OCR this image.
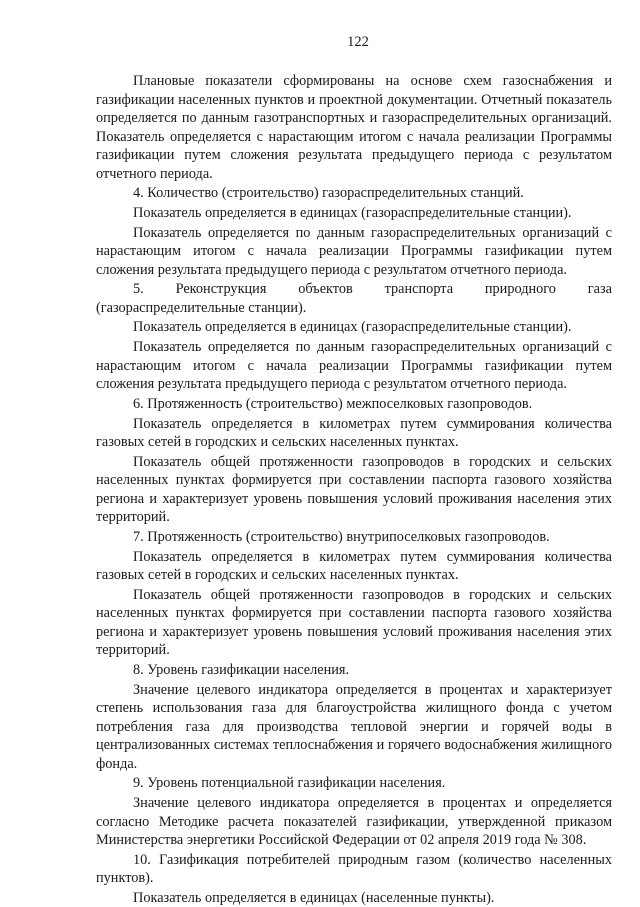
122

Плановые показатели сформированы на основе схем газоснабжения и газификации населенных пунктов и проектной документации. Отчетный показатель определяется по данным газотранспортных и газораспределительных организаций. Показатель определяется с нарастающим итогом с начала реализации Программы газификации путем сложения результата предыдущего периода с результатом отчетного периода.

4. Количество (строительство) газораспределительных станций.

Показатель определяется в единицах (газораспределительные станции).

Показатель определяется по данным газораспределительных организаций с нарастающим итогом с начала реализации Программы газификации путем сложения результата предыдущего периода с результатом отчетного периода.

5. Реконструкция объектов транспорта природного газа (газораспределительные станции).

Показатель определяется в единицах (газораспределительные станции).

Показатель определяется по данным газораспределительных организаций с нарастающим итогом с начала реализации Программы газификации путем сложения результата предыдущего периода с результатом отчетного периода.

6. Протяженность (строительство) межпоселковых газопроводов.

Показатель определяется в километрах путем суммирования количества газовых сетей в городских и сельских населенных пунктах.

Показатель общей протяженности газопроводов в городских и сельских населенных пунктах формируется при составлении паспорта газового хозяйства региона и характеризует уровень повышения условий проживания населения этих территорий.

7. Протяженность (строительство) внутрипоселковых газопроводов.

Показатель определяется в километрах путем суммирования количества газовых сетей в городских и сельских населенных пунктах.

Показатель общей протяженности газопроводов в городских и сельских населенных пунктах формируется при составлении паспорта газового хозяйства региона и характеризует уровень повышения условий проживания населения этих территорий.

8. Уровень газификации населения.

Значение целевого индикатора определяется в процентах и характеризует степень использования газа для благоустройства жилищного фонда с учетом потребления газа для производства тепловой энергии и горячей воды в централизованных системах теплоснабжения и горячего водоснабжения жилищного фонда.

9. Уровень потенциальной газификации населения.

Значение целевого индикатора определяется в процентах и определяется согласно Методике расчета показателей газификации, утвержденной приказом Министерства энергетики Российской Федерации от 02 апреля 2019 года № 308.

10. Газификация потребителей природным газом (количество населенных пунктов).

Показатель определяется в единицах (населенные пункты).
